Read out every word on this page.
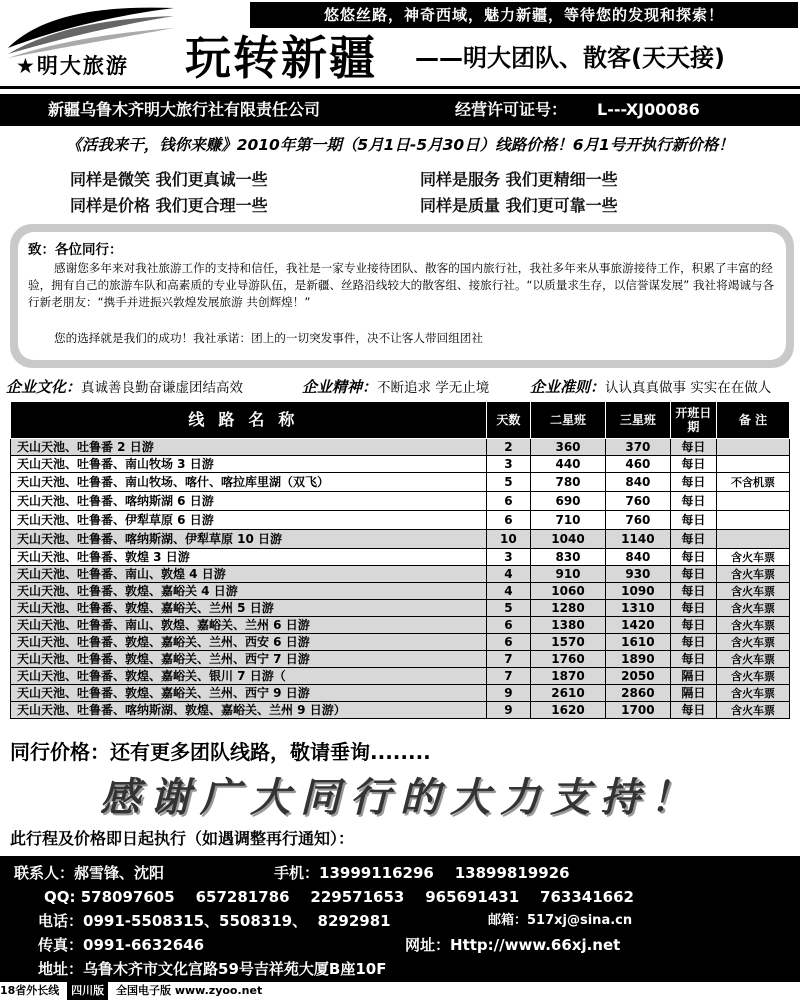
★明大旅游
悠悠丝路，神奇西域，魅力新疆，等待您的发现和探索！
玩转新疆 ——明大团队、散客(天天接)
新疆乌鲁木齐明大旅行社有限责任公司	经营许可证号： L---XJ00086
《活我来干，钱你来赚》2010年第一期（5月1日-5月30日）线路价格！6月1号开执行新价格！
同样是微笑 我们更真诚一些	同样是服务 我们更精细一些
同样是价格 我们更合理一些	同样是质量 我们更可靠一些
致：各位同行：
感谢您多年来对我社旅游工作的支持和信任，我社是一家专业接待团队、散客的国内旅行社，我社多年来从事旅游接待工作，积累了丰富的经验，拥有自己的旅游车队和高素质的专业导游队伍，是新疆、丝路沿线较大的散客组、接旅行社。“以质量求生存，以信誉谋发展” 我社将竭诚与各行新老朋友：“携手并进振兴敦煌发展旅游 共创辉煌！”
您的选择就是我们的成功！我社承诺：团上的一切突发事件，决不让客人带回组团社
企业文化：真诚善良勤奋谦虚团结高效	企业精神：不断追求 学无止境	企业准则：认认真真做事 实实在在做人
线路名称	天数	二星班	三星班	开班日期	备 注
天山天池、吐鲁番 2 日游	2	360	370	每日	
天山天池、吐鲁番、南山牧场 3 日游	3	440	460	每日	
天山天池、吐鲁番、南山牧场、喀什、喀拉库里湖（双飞）	5	780	840	每日	不含机票
天山天池、吐鲁番、喀纳斯湖 6 日游	6	690	760	每日	
天山天池、吐鲁番、伊犁草原 6 日游	6	710	760	每日	
天山天池、吐鲁番、喀纳斯湖、伊犁草原 10 日游	10	1040	1140	每日	
天山天池、吐鲁番、敦煌 3 日游	3	830	840	每日	含火车票
天山天池、吐鲁番、南山、敦煌 4 日游	4	910	930	每日	含火车票
天山天池、吐鲁番、敦煌、嘉峪关 4 日游	4	1060	1090	每日	含火车票
天山天池、吐鲁番、敦煌、嘉峪关、兰州 5 日游	5	1280	1310	每日	含火车票
天山天池、吐鲁番、南山、敦煌、嘉峪关、兰州 6 日游	6	1380	1420	每日	含火车票
天山天池、吐鲁番、敦煌、嘉峪关、兰州、西安 6 日游	6	1570	1610	每日	含火车票
天山天池、吐鲁番、敦煌、嘉峪关、兰州、西宁 7 日游	7	1760	1890	每日	含火车票
天山天池、吐鲁番、敦煌、嘉峪关、银川 7 日游（	7	1870	2050	隔日	含火车票
天山天池、吐鲁番、敦煌、嘉峪关、兰州、西宁 9 日游	9	2610	2860	隔日	含火车票
天山天池、吐鲁番、喀纳斯湖、敦煌、嘉峪关、兰州 9 日游）	9	1620	1700	每日	含火车票
同行价格：还有更多团队线路，敬请垂询........
感谢广大同行的大力支持！
此行程及价格即日起执行（如遇调整再行通知）：
联系人：郝雪锋、沈阳	手机：13999116296    13899819926
QQ: 578097605    657281786    229571653    965691431    763341662
电话：0991-5508315、5508319、  8292981	邮箱：517xj@sina.cn
传真：0991-6632646	网址：Http://www.66xj.net
地址：乌鲁木齐市文化宫路59号吉祥苑大厦B座10F
18省外长线 四川版 全国电子版 www.zyoo.net
